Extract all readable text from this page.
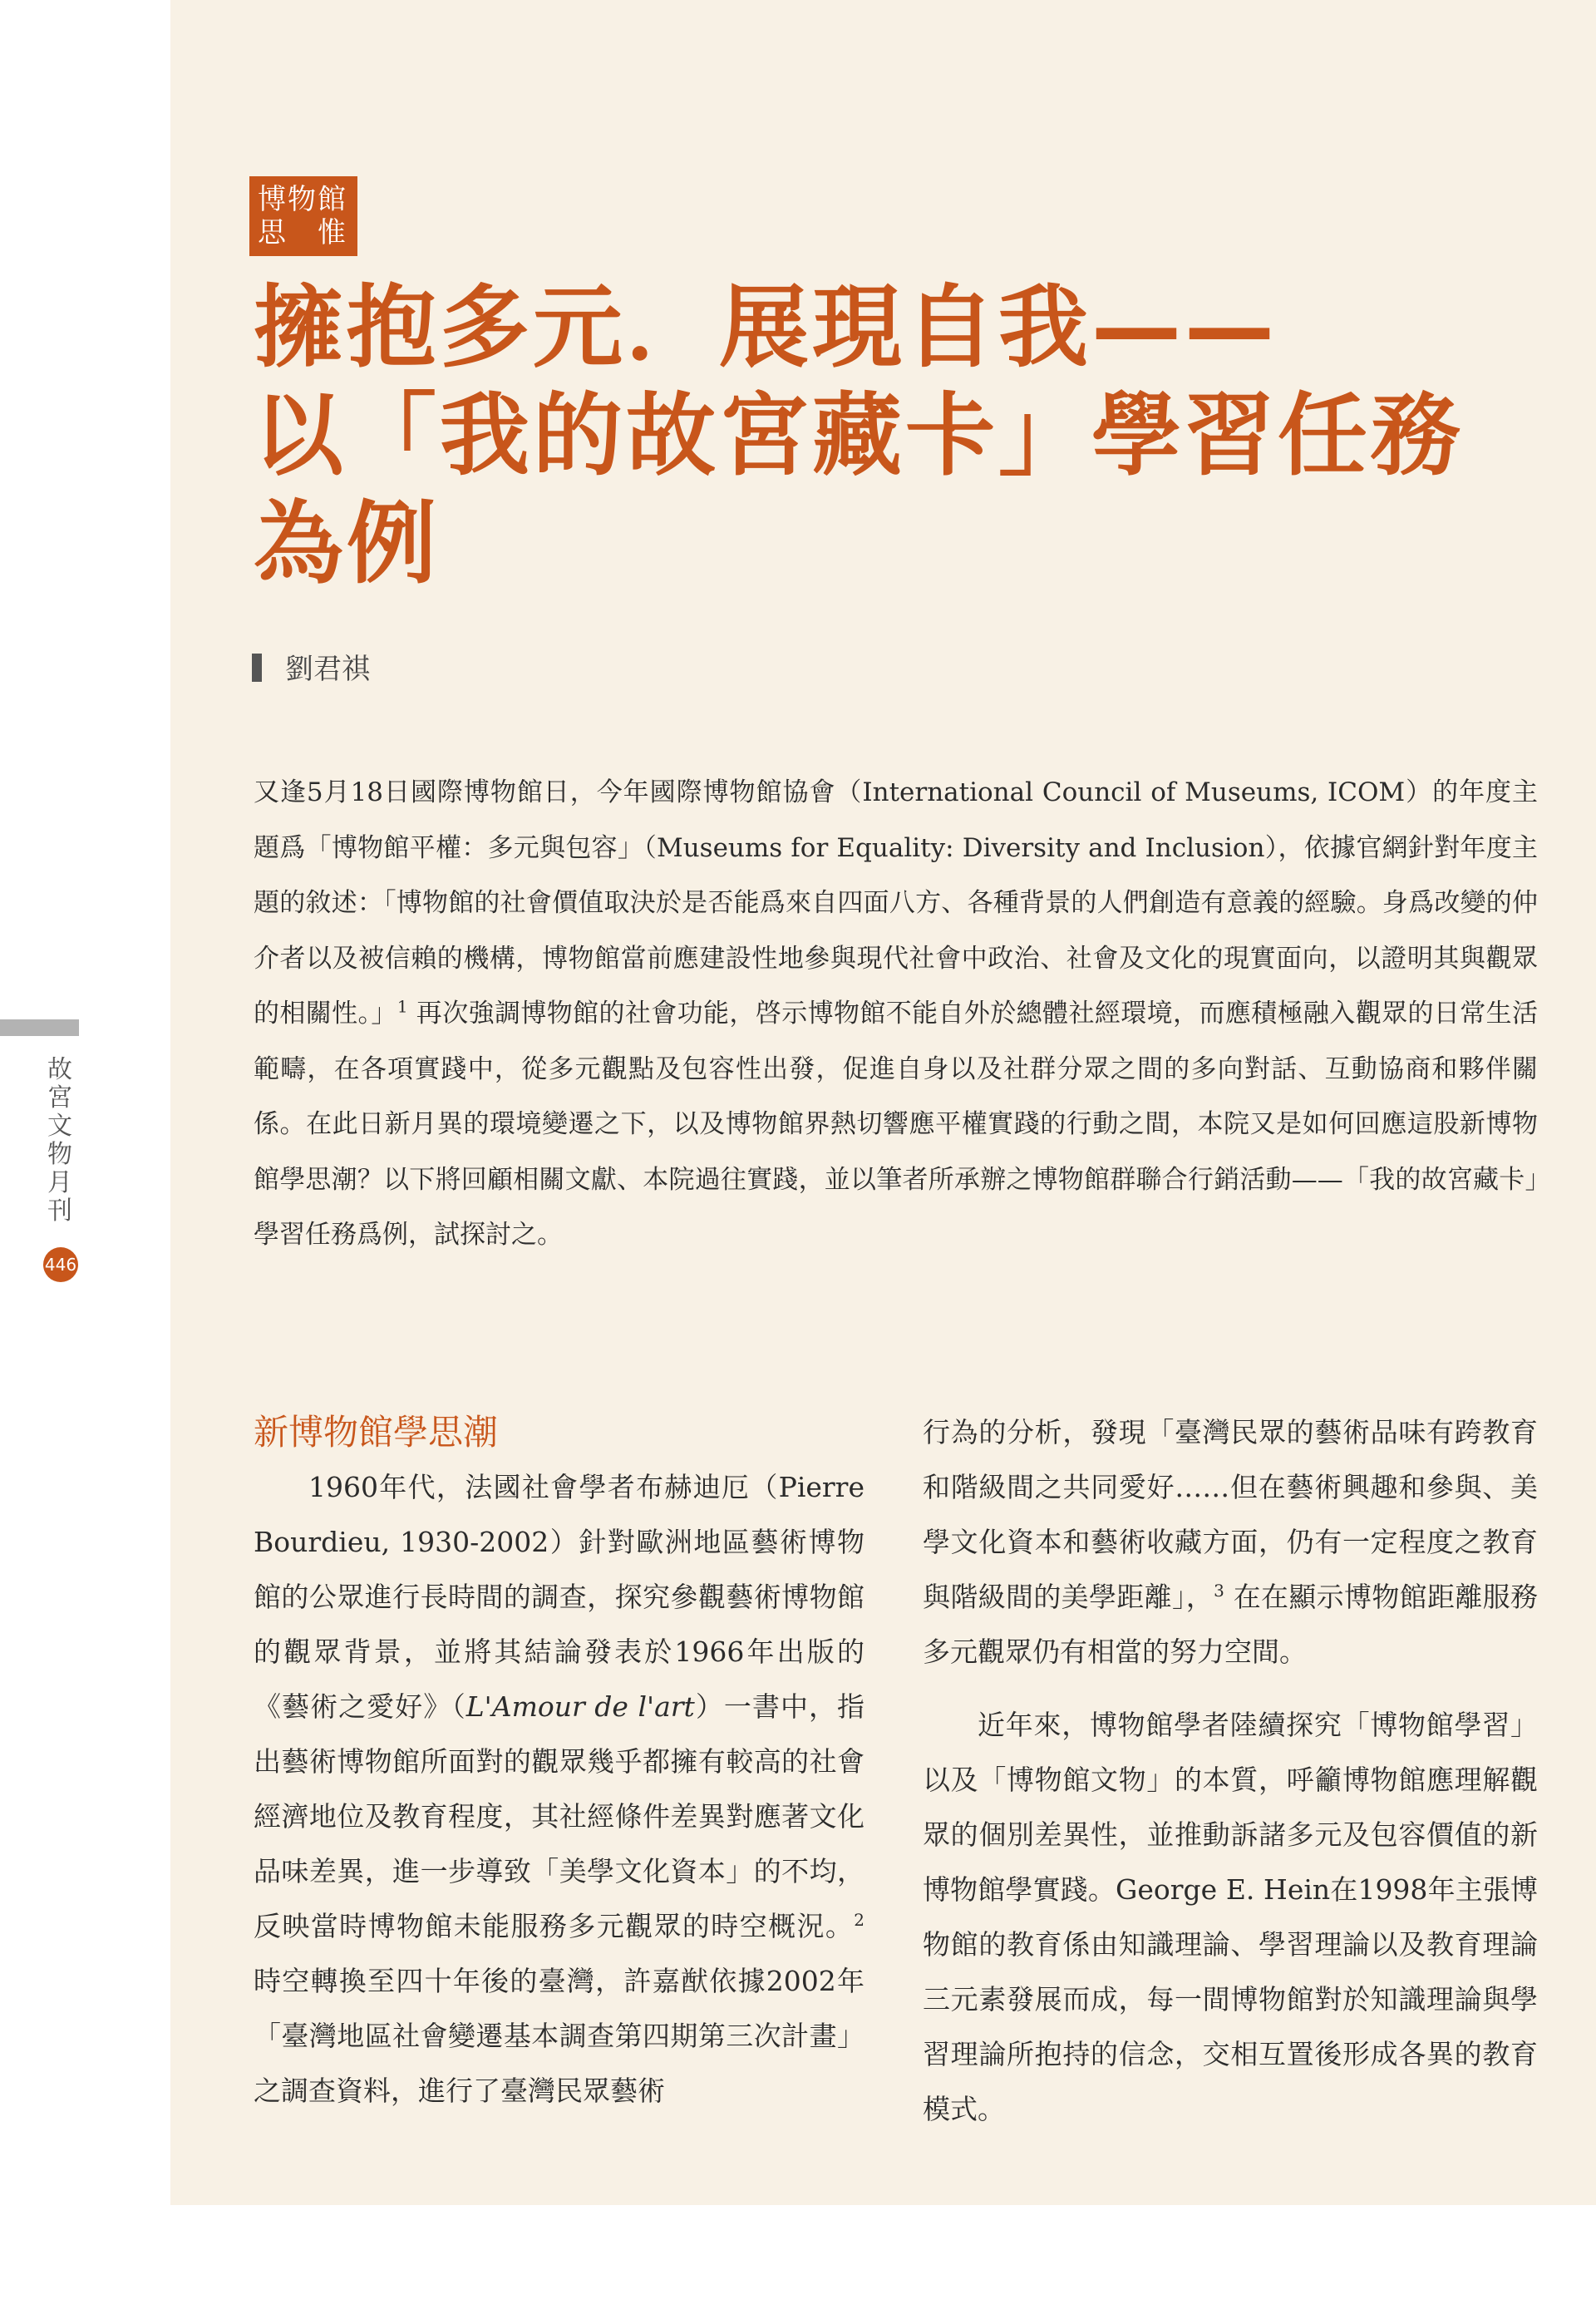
故宮文物月刊
446
博物館
思　惟
擁抱多元．展現自我——
以「我的故宮藏卡」學習任務
為例
劉君祺
又逢5月18日國際博物館日，今年國際博物館協會（International Council of Museums, ICOM）的年度主題爲「博物館平權：多元與包容」（Museums for Equality: Diversity and Inclusion），依據官網針對年度主題的敘述：「博物館的社會價值取決於是否能爲來自四面八方、各種背景的人們創造有意義的經驗。身爲改變的仲介者以及被信賴的機構，博物館當前應建設性地參與現代社會中政治、社會及文化的現實面向，以證明其與觀眾的相關性。」$^1$ 再次強調博物館的社會功能，啓示博物館不能自外於總體社經環境，而應積極融入觀眾的日常生活範疇，在各項實踐中，從多元觀點及包容性出發，促進自身以及社群分眾之間的多向對話、互動協商和夥伴關係。在此日新月異的環境變遷之下，以及博物館界熱切響應平權實踐的行動之間，本院又是如何回應這股新博物館學思潮？以下將回顧相關文獻、本院過往實踐，並以筆者所承辦之博物館群聯合行銷活動——「我的故宮藏卡」學習任務爲例，試探討之。
新博物館學思潮

1960年代，法國社會學者布赫迪厄（Pierre Bourdieu, 1930-2002）針對歐洲地區藝術博物館的公眾進行長時間的調查，探究參觀藝術博物館的觀眾背景，並將其結論發表於1966年出版的《藝術之愛好》（L'Amour de l'art）一書中，指出藝術博物館所面對的觀眾幾乎都擁有較高的社會經濟地位及教育程度，其社經條件差異對應著文化品味差異，進一步導致「美學文化資本」的不均，反映當時博物館未能服務多元觀眾的時空概況。$^2$ 時空轉換至四十年後的臺灣，許嘉猷依據2002年「臺灣地區社會變遷基本調查第四期第三次計畫」之調查資料，進行了臺灣民眾藝術

行為的分析，發現「臺灣民眾的藝術品味有跨教育和階級間之共同愛好……但在藝術興趣和參與、美學文化資本和藝術收藏方面，仍有一定程度之教育與階級間的美學距離」，$^3$ 在在顯示博物館距離服務多元觀眾仍有相當的努力空間。

近年來，博物館學者陸續探究「博物館學習」以及「博物館文物」的本質，呼籲博物館應理解觀眾的個別差異性，並推動訴諸多元及包容價值的新博物館學實踐。George E. Hein在1998年主張博物館的教育係由知識理論、學習理論以及教育理論三元素發展而成，每一間博物館對於知識理論與學習理論所抱持的信念，交相互置後形成各異的教育模式。
